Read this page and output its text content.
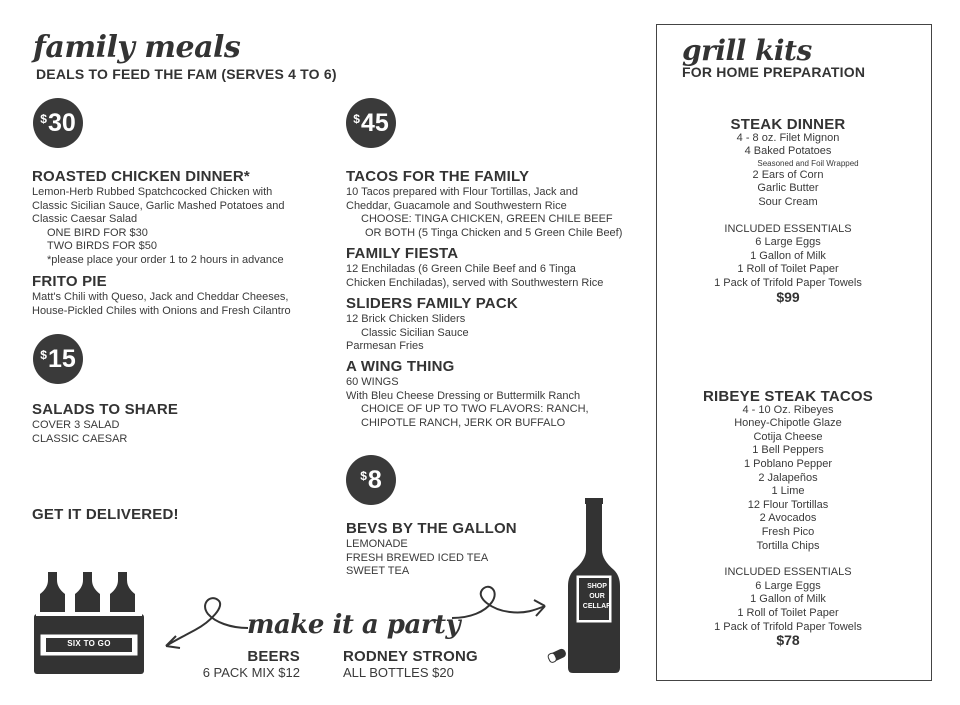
family meals
DEALS TO FEED THE FAM (SERVES 4 TO 6)
$ 30
ROASTED CHICKEN DINNER*
Lemon-Herb Rubbed Spatchcocked Chicken with
Classic Sicilian Sauce, Garlic Mashed Potatoes and
Classic Caesar Salad
ONE BIRD FOR $30
TWO BIRDS FOR $50
*please place your order 1 to 2 hours in advance
FRITO PIE
Matt's Chili with Queso, Jack and Cheddar Cheeses,
House-Pickled Chiles with Onions and Fresh Cilantro
$ 15
SALADS TO SHARE
COVER 3 SALAD
CLASSIC CAESAR
GET IT DELIVERED!
$ 45
TACOS FOR THE FAMILY
10 Tacos prepared with Flour Tortillas, Jack and
Cheddar, Guacamole and Southwestern Rice
CHOOSE: TINGA CHICKEN, GREEN CHILE BEEF
OR BOTH (5 Tinga Chicken and 5 Green Chile Beef)
FAMILY FIESTA
12 Enchiladas (6 Green Chile Beef and 6 Tinga
Chicken Enchiladas), served with Southwestern Rice
SLIDERS FAMILY PACK
12 Brick Chicken Sliders
Classic Sicilian Sauce
Parmesan Fries
A WING THING
60 WINGS
With Bleu Cheese Dressing or Buttermilk Ranch
CHOICE OF UP TO TWO FLAVORS: RANCH,
CHIPOTLE RANCH, JERK OR BUFFALO
$ 8
BEVS BY THE GALLON
LEMONADE
FRESH BREWED ICED TEA
SWEET TEA
SIX TO GO
make it a party
SHOP
OUR
CELLAR
BEERS
6 PACK MIX $12
RODNEY STRONG
ALL BOTTLES $20
grill kits
FOR HOME PREPARATION
STEAK DINNER
4 - 8 oz. Filet Mignon
4 Baked Potatoes
Seasoned and Foil Wrapped
2 Ears of Corn
Garlic Butter
Sour Cream
INCLUDED ESSENTIALS
6 Large Eggs
1 Gallon of Milk
1 Roll of Toilet Paper
1 Pack of Trifold Paper Towels
$99
RIBEYE STEAK TACOS
4 - 10 Oz. Ribeyes
Honey-Chipotle Glaze
Cotija Cheese
1 Bell Peppers
1 Poblano Pepper
2 Jalapeños
1 Lime
12 Flour Tortillas
2 Avocados
Fresh Pico
Tortilla Chips
INCLUDED ESSENTIALS
6 Large Eggs
1 Gallon of Milk
1 Roll of Toilet Paper
1 Pack of Trifold Paper Towels
$78
